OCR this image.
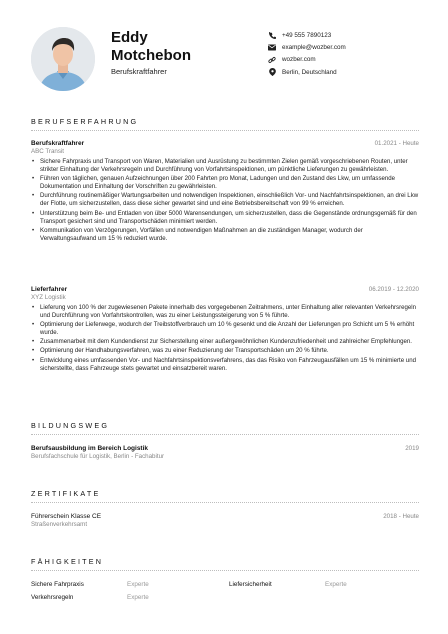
Eddy
Motchebon
Berufskraftfahrer
+49 555 7890123
example@wozber.com
wozber.com
Berlin, Deutschland
BERUFSERFAHRUNG
Berufskraftfahrer	01.2021 - Heute
ABC Transit
• Sichere Fahrpraxis und Transport von Waren, Materialien und Ausrüstung zu bestimmten Zielen gemäß vorgeschriebenen Routen, unter strikter Einhaltung der Verkehrsregeln und Durchführung von Vorfahrtsinspektionen, um pünktliche Lieferungen zu gewährleisten.
• Führen von täglichen, genauen Aufzeichnungen über 200 Fahrten pro Monat, Ladungen und den Zustand des Lkw, um umfassende Dokumentation und Einhaltung der Vorschriften zu gewährleisten.
• Durchführung routinemäßiger Wartungsarbeiten und notwendigen Inspektionen, einschließlich Vor- und Nachfahrtsinspektionen, an drei Lkw der Flotte, um sicherzustellen, dass diese sicher gewartet sind und eine Betriebsbereitschaft von 99 % erreichen.
• Unterstützung beim Be- und Entladen von über 5000 Warensendungen, um sicherzustellen, dass die Gegenstände ordnungsgemäß für den Transport gesichert sind und Transportschäden minimiert werden.
• Kommunikation von Verzögerungen, Vorfällen und notwendigen Maßnahmen an die zuständigen Manager, wodurch der Verwaltungsaufwand um 15 % reduziert wurde.
Lieferfahrer	06.2019 - 12.2020
XYZ Logistik
• Lieferung von 100 % der zugewiesenen Pakete innerhalb des vorgegebenen Zeitrahmens, unter Einhaltung aller relevanten Verkehrsregeln und Durchführung von Vorfahrtskontrollen, was zu einer Leistungssteigerung von 5 % führte.
• Optimierung der Lieferwege, wodurch der Treibstoffverbrauch um 10 % gesenkt und die Anzahl der Lieferungen pro Schicht um 5 % erhöht wurde.
• Zusammenarbeit mit dem Kundendienst zur Sicherstellung einer außergewöhnlichen Kundenzufriedenheit und zahlreicher Empfehlungen.
• Optimierung der Handhabungsverfahren, was zu einer Reduzierung der Transportschäden um 20 % führte.
• Entwicklung eines umfassenden Vor- und Nachfahrtsinspektionsverfahrens, das das Risiko von Fahrzeugausfällen um 15 % minimierte und sicherstellte, dass Fahrzeuge stets gewartet und einsatzbereit waren.
BILDUNGSWEG
Berufsausbildung im Bereich Logistik	2019
Berufsfachschule für Logistik, Berlin - Fachabitur
ZERTIFIKATE
Führerschein Klasse CE	2018 - Heute
Straßenverkehrsamt
FÄHIGKEITEN
Sichere Fahrpraxis	Experte	Liefersicherheit	Experte
Verkehrsregeln	Experte
